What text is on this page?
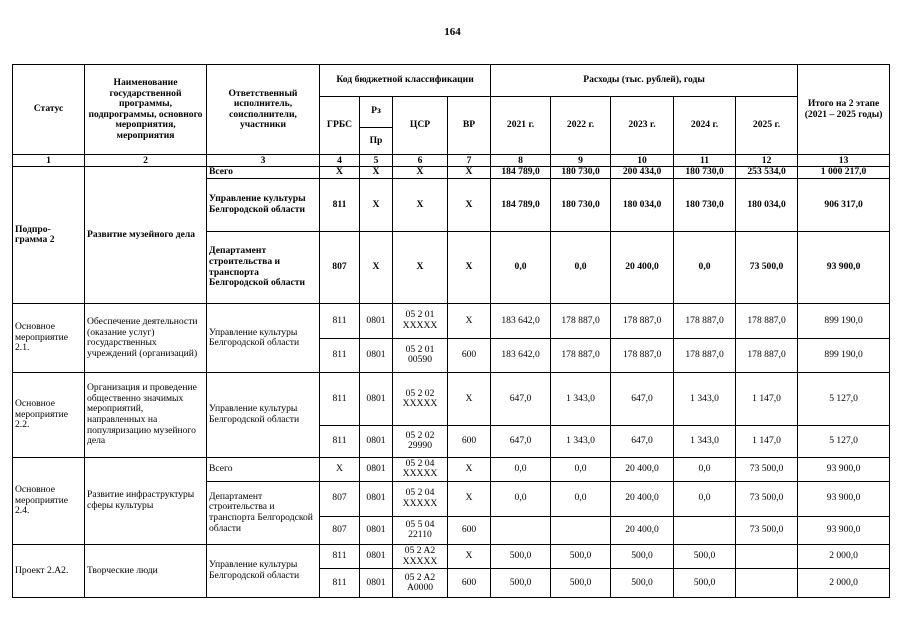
164
Статус	Наименование государственной программы, подпрограммы, основного мероприятия, мероприятия	Ответственный исполнитель, соисполнители, участники	Код бюджетной классификации				Расходы (тыс. рублей), годы					Итого на 2 этапе (2021 – 2025 годы)
			ГРБС	Рз	ЦСР	ВР	2021 г.	2022 г.	2023 г.	2024 г.	2025 г.	
				Пр								
1	2	3	4	5	6	7	8	9	10	11	12	13
Подпро-грамма 2	Развитие музейного дела	Всего	X	X	X	X	184 789,0	180 730,0	200 434,0	180 730,0	253 534,0	1 000 217,0
		Управление культуры Белгородской области	811	X	X	X	184 789,0	180 730,0	180 034,0	180 730,0	180 034,0	906 317,0
		Департамент строительства и транспорта Белгородской области	807	X	X	X	0,0	0,0	20 400,0	0,0	73 500,0	93 900,0
Основное мероприятие 2.1.	Обеспечение деятельности (оказание услуг) государственных учреждений (организаций)	Управление культуры Белгородской области	811	0801	05 2 01 XXXXX	X	183 642,0	178 887,0	178 887,0	178 887,0	178 887,0	899 190,0
			811	0801	05 2 01 00590	600	183 642,0	178 887,0	178 887,0	178 887,0	178 887,0	899 190,0
Основное мероприятие 2.2.	Организация и проведение общественно значимых мероприятий, направленных на популяризацию музейного дела	Управление культуры Белгородской области	811	0801	05 2 02 XXXXX	X	647,0	1 343,0	647,0	1 343,0	1 147,0	5 127,0
			811	0801	05 2 02 29990	600	647,0	1 343,0	647,0	1 343,0	1 147,0	5 127,0
Основное мероприятие 2.4.	Развитие инфраструктуры сферы культуры	Всего	X	0801	05 2 04 XXXXX	X	0,0	0,0	20 400,0	0,0	73 500,0	93 900,0
		Департамент строительства и транспорта Белгородской области	807	0801	05 2 04 XXXXX	X	0,0	0,0	20 400,0	0,0	73 500,0	93 900,0
			807	0801	05 5 04 22110	600			20 400,0		73 500,0	93 900,0
Проект 2.А2.	Творческие люди	Управление культуры Белгородской области	811	0801	05 2 A2 XXXXX	X	500,0	500,0	500,0	500,0		2 000,0
			811	0801	05 2 A2 A0000	600	500,0	500,0	500,0	500,0		2 000,0
